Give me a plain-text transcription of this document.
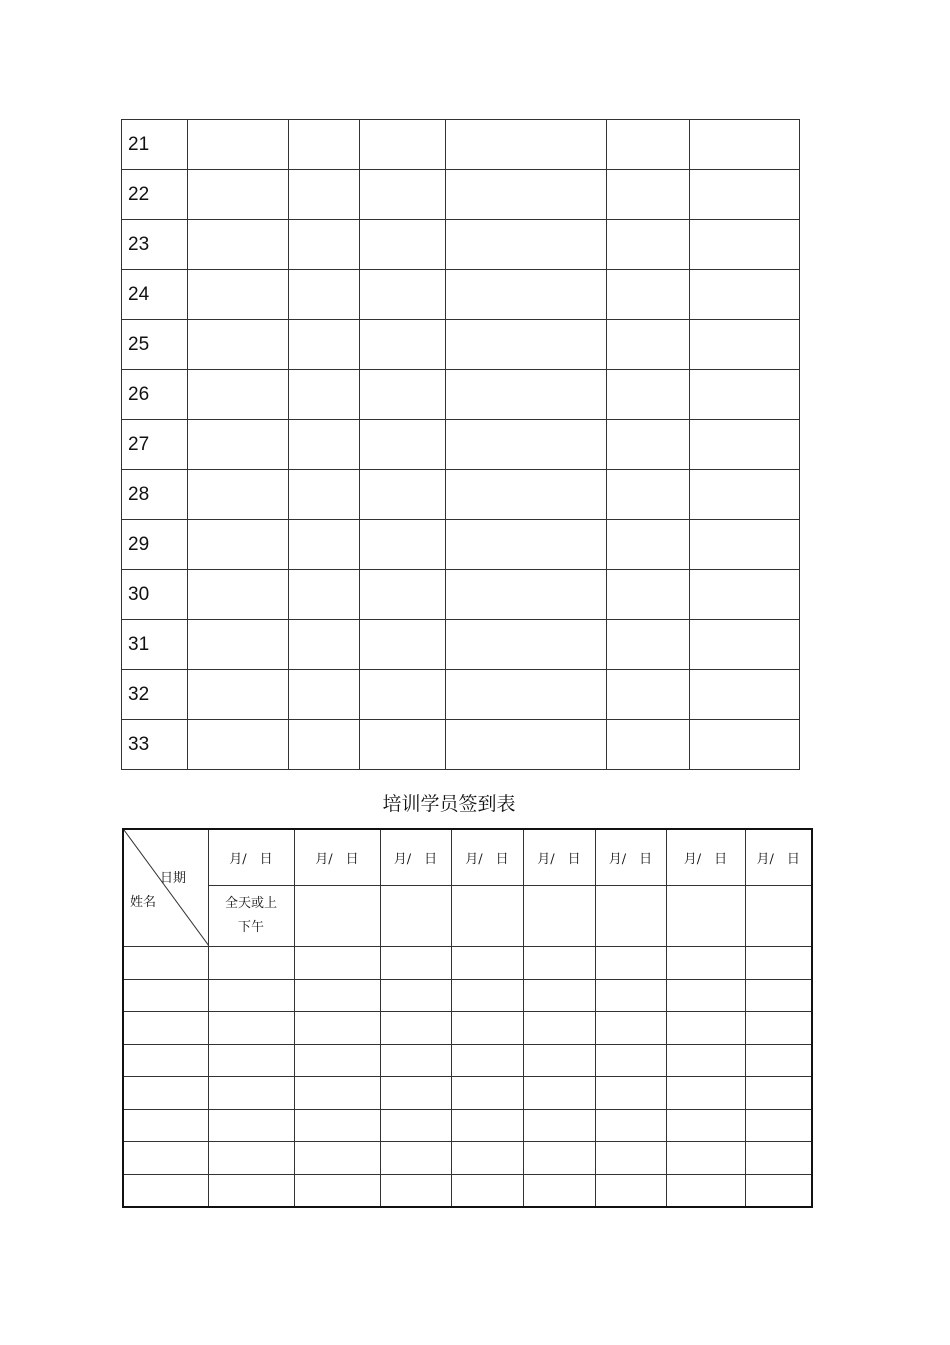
21						
22						
23						
24						
25						
26						
27						
28						
29						
30						
31						
32						
33						
培训学员签到表
日期
姓名	月/　日	月/　日	月/　日	月/　日	月/　日	月/　日	月/　日	月/　日

	全天或上
下午							
